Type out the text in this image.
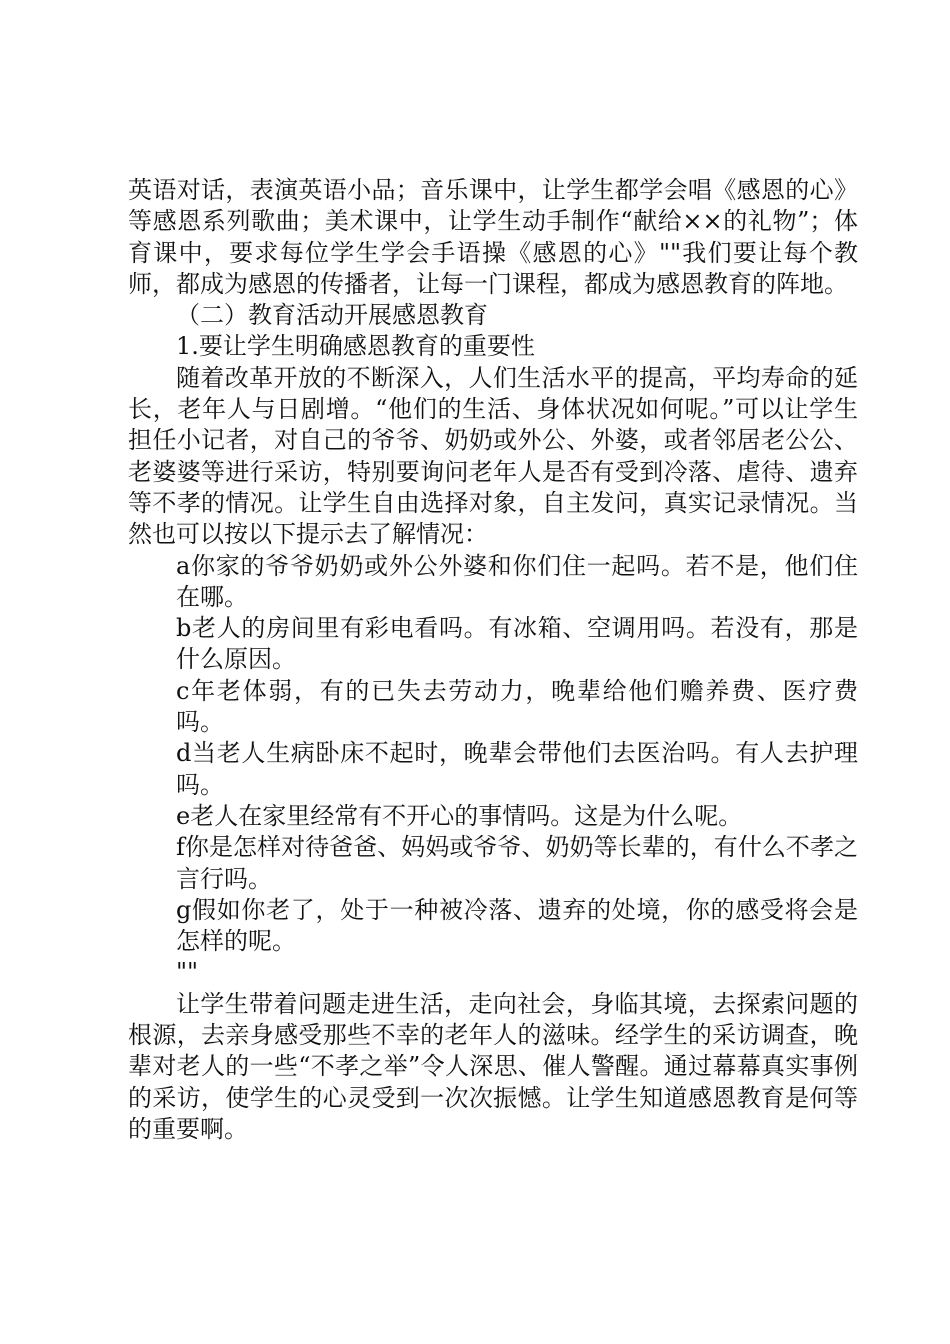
英语对话，表演英语小品；音乐课中，让学生都学会唱《感恩的心》等感恩系列歌曲；美术课中，让学生动手制作“献给××的礼物”；体育课中，要求每位学生学会手语操《感恩的心》""我们要让每个教师，都成为感恩的传播者，让每一门课程，都成为感恩教育的阵地。

（二）教育活动开展感恩教育

1.要让学生明确感恩教育的重要性

随着改革开放的不断深入，人们生活水平的提高，平均寿命的延长，老年人与日剧增。“他们的生活、身体状况如何呢。”可以让学生担任小记者，对自己的爷爷、奶奶或外公、外婆，或者邻居老公公、老婆婆等进行采访，特别要询问老年人是否有受到冷落、虐待、遗弃等不孝的情况。让学生自由选择对象，自主发问，真实记录情况。当然也可以按以下提示去了解情况：

a你家的爷爷奶奶或外公外婆和你们住一起吗。若不是，他们住在哪。

b老人的房间里有彩电看吗。有冰箱、空调用吗。若没有，那是什么原因。

c年老体弱，有的已失去劳动力，晚辈给他们赡养费、医疗费吗。

d当老人生病卧床不起时，晚辈会带他们去医治吗。有人去护理吗。

e老人在家里经常有不开心的事情吗。这是为什么呢。

f你是怎样对待爸爸、妈妈或爷爷、奶奶等长辈的，有什么不孝之言行吗。

g假如你老了，处于一种被冷落、遗弃的处境，你的感受将会是怎样的呢。

""

让学生带着问题走进生活，走向社会，身临其境，去探索问题的根源，去亲身感受那些不幸的老年人的滋味。经学生的采访调查，晚辈对老人的一些“不孝之举”令人深思、催人警醒。通过幕幕真实事例的采访，使学生的心灵受到一次次振憾。让学生知道感恩教育是何等的重要啊。
